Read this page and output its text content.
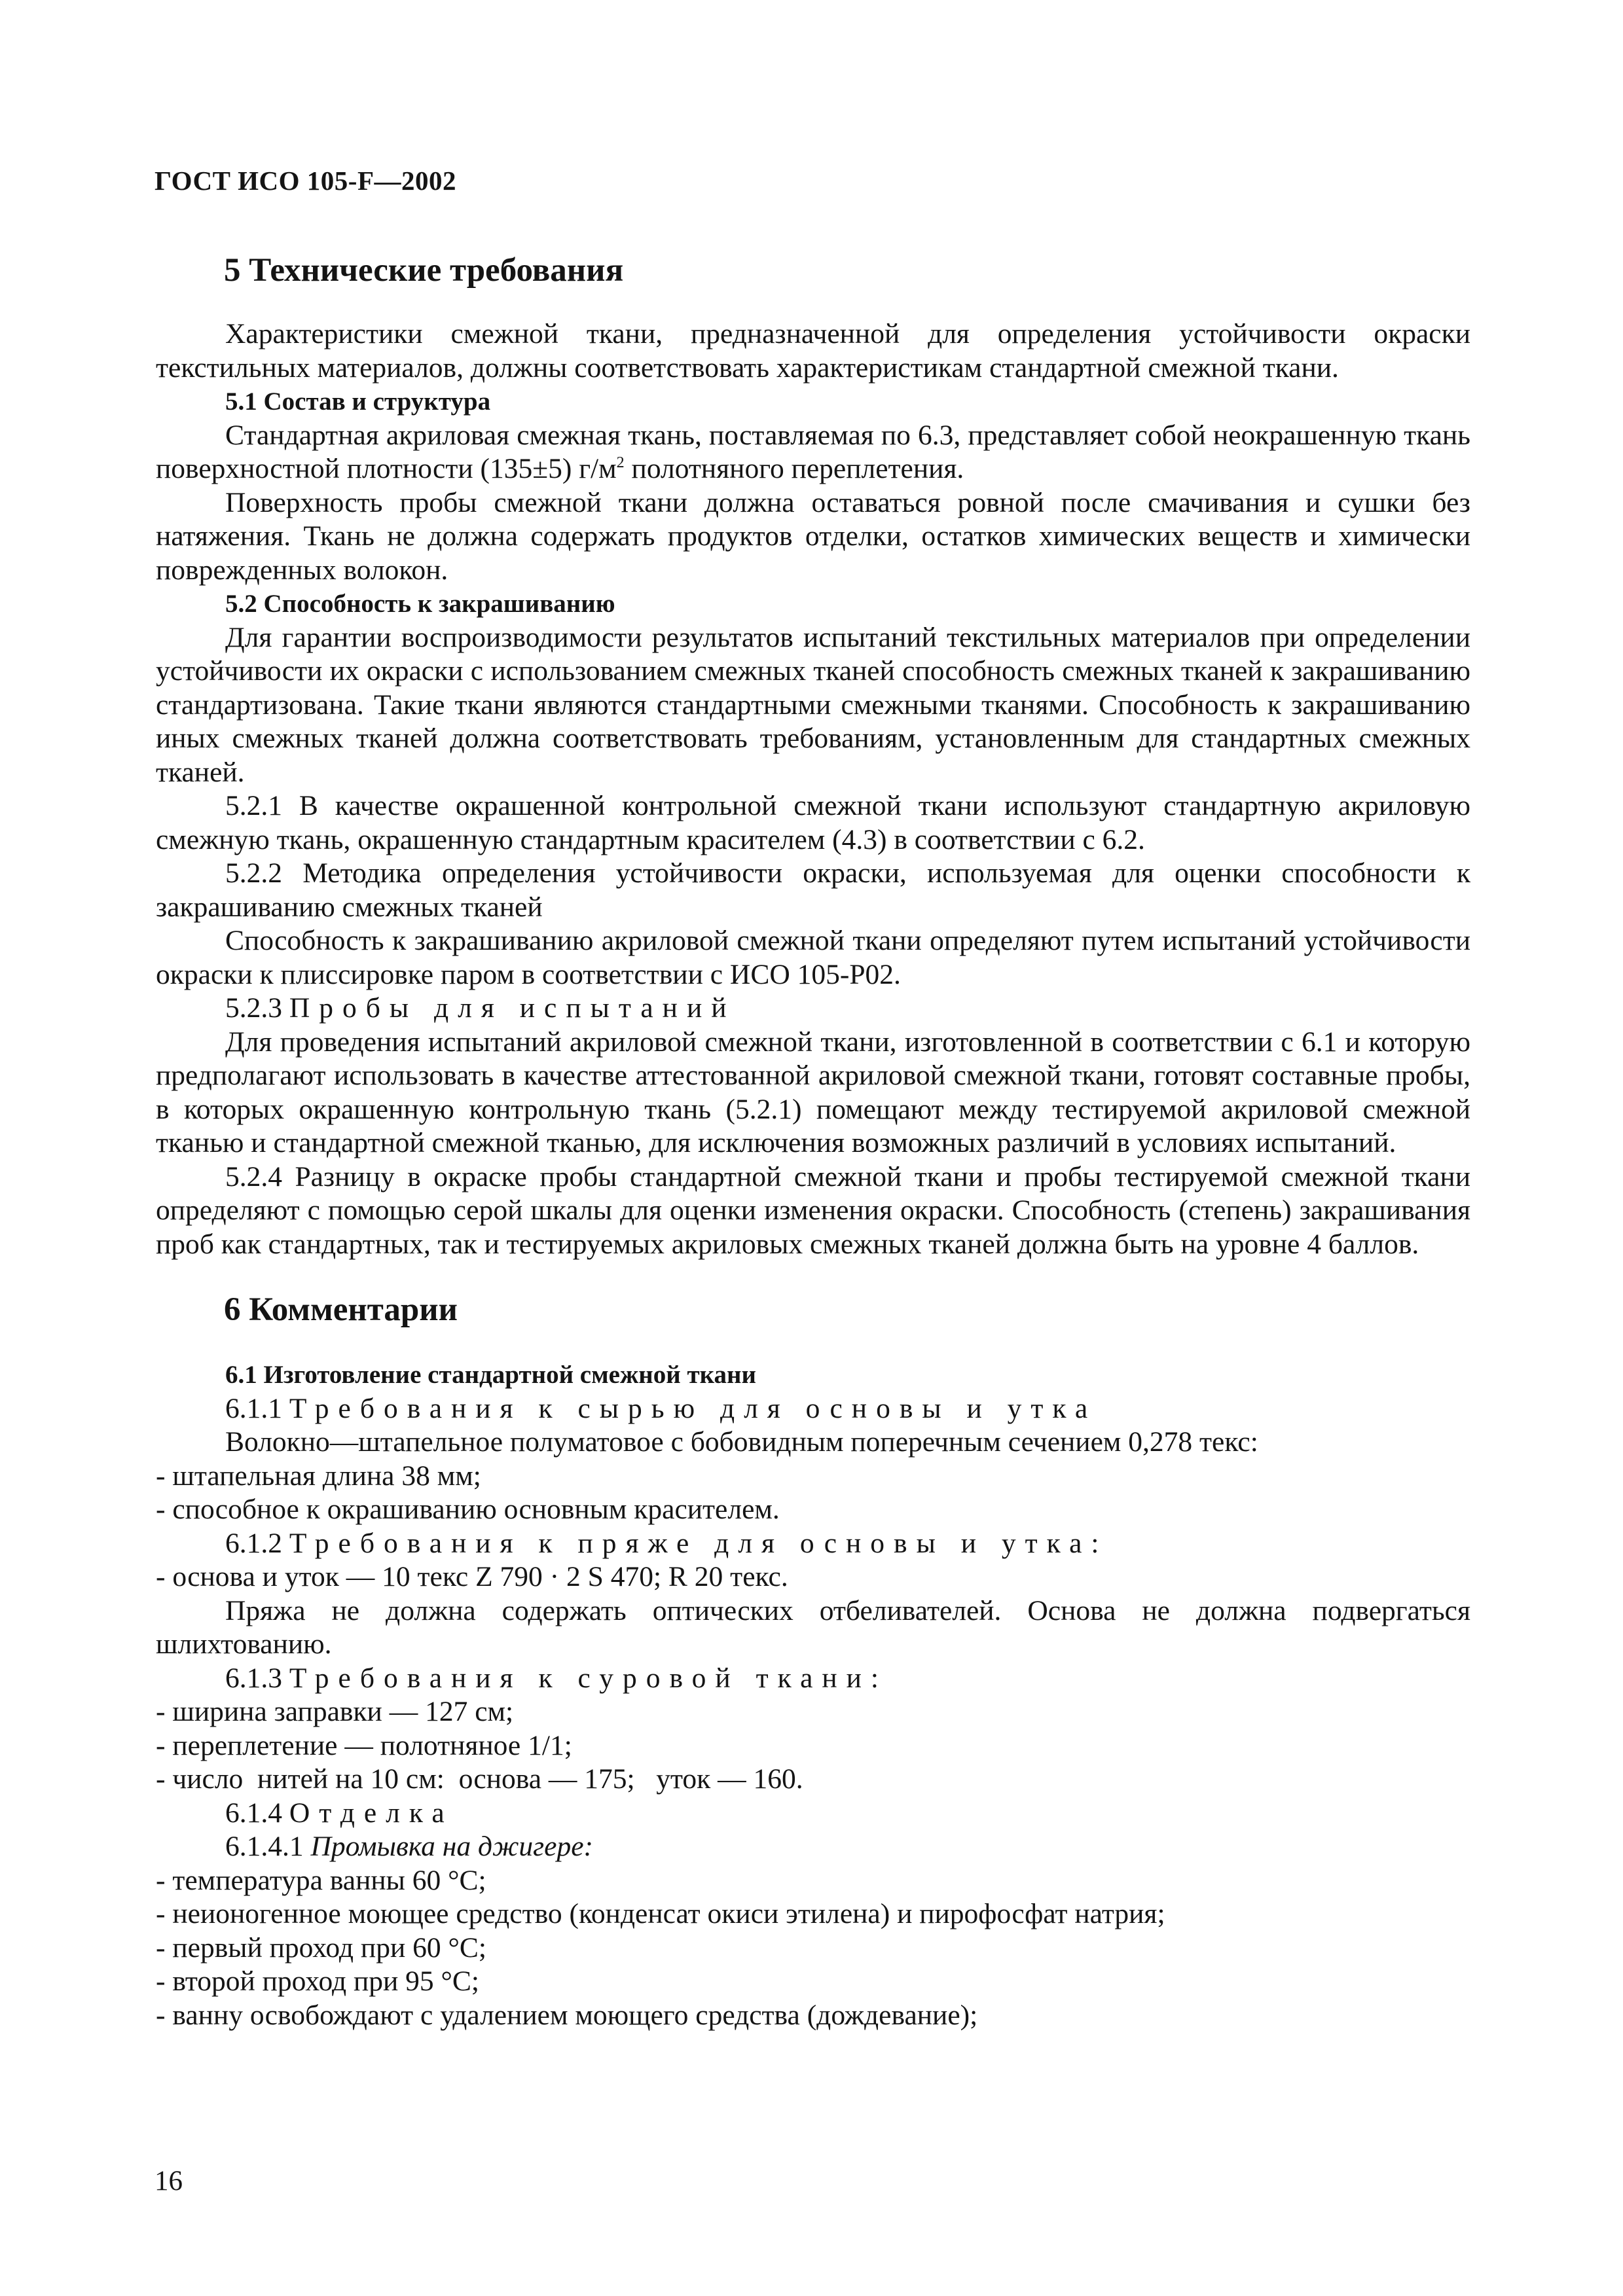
ГОСТ ИСО 105-F—2002
5 Технические требования

Характеристики смежной ткани, предназначенной для определения устойчивости окраски текстильных материалов, должны соответствовать характеристикам стандартной смежной ткани.

5.1 Состав и структура

Стандартная акриловая смежная ткань, поставляемая по 6.3, представляет собой неокрашенную ткань поверхностной плотности (135±5) $г/м^2$ полотняного переплетения.

Поверхность пробы смежной ткани должна оставаться ровной после смачивания и сушки без натяжения. Ткань не должна содержать продуктов отделки, остатков химических веществ и химически поврежденных волокон.

5.2 Способность к закрашиванию

Для гарантии воспроизводимости результатов испытаний текстильных материалов при определении устойчивости их окраски с использованием смежных тканей способность смежных тканей к закрашиванию стандартизована. Такие ткани являются стандартными смежными тканями. Способность к закрашиванию иных смежных тканей должна соответствовать требованиям, установленным для стандартных смежных тканей.

5.2.1 В качестве окрашенной контрольной смежной ткани используют стандартную акриловую смежную ткань, окрашенную стандартным красителем (4.3) в соответствии с 6.2.

5.2.2 Методика определения устойчивости окраски, используемая для оценки способности к закрашиванию смежных тканей

Способность к закрашиванию акриловой смежной ткани определяют путем испытаний устойчивости окраски к плиссировке паром в соответствии с ИСО 105-P02.

5.2.3 Пробы для испытаний

Для проведения испытаний акриловой смежной ткани, изготовленной в соответствии с 6.1 и которую предполагают использовать в качестве аттестованной акриловой смежной ткани, готовят составные пробы, в которых окрашенную контрольную ткань (5.2.1) помещают между тестируемой акриловой смежной тканью и стандартной смежной тканью, для исключения возможных различий в условиях испытаний.

5.2.4 Разницу в окраске пробы стандартной смежной ткани и пробы тестируемой смежной ткани определяют с помощью серой шкалы для оценки изменения окраски. Способность (степень) закрашивания проб как стандартных, так и тестируемых акриловых смежных тканей должна быть на уровне 4 баллов.

6 Комментарии

6.1 Изготовление стандартной смежной ткани

6.1.1 Требования к сырью для основы и утка

Волокно—штапельное полуматовое с бобовидным поперечным сечением 0,278 текс:

- штапельная длина 38 мм;

- способное к окрашиванию основным красителем.

6.1.2 Требования к пряже для основы и утка:

- основа и уток — 10 текс Z 790 · 2 S 470; R 20 текс.

Пряжа не должна содержать оптических отбеливателей. Основа не должна подвергаться шлихтованию.

6.1.3 Требования к суровой ткани:

- ширина заправки — 127 см;

- переплетение — полотняное 1/1;

- число  нитей на 10 см:  основа — 175;   уток — 160.

6.1.4 Отделка

6.1.4.1 Промывка на джигере:

- температура ванны 60 °С;

- неионогенное моющее средство (конденсат окиси этилена) и пирофосфат натрия;

- первый проход при 60 °С;

- второй проход при 95 °С;

- ванну освобождают с удалением моющего средства (дождевание);

16
